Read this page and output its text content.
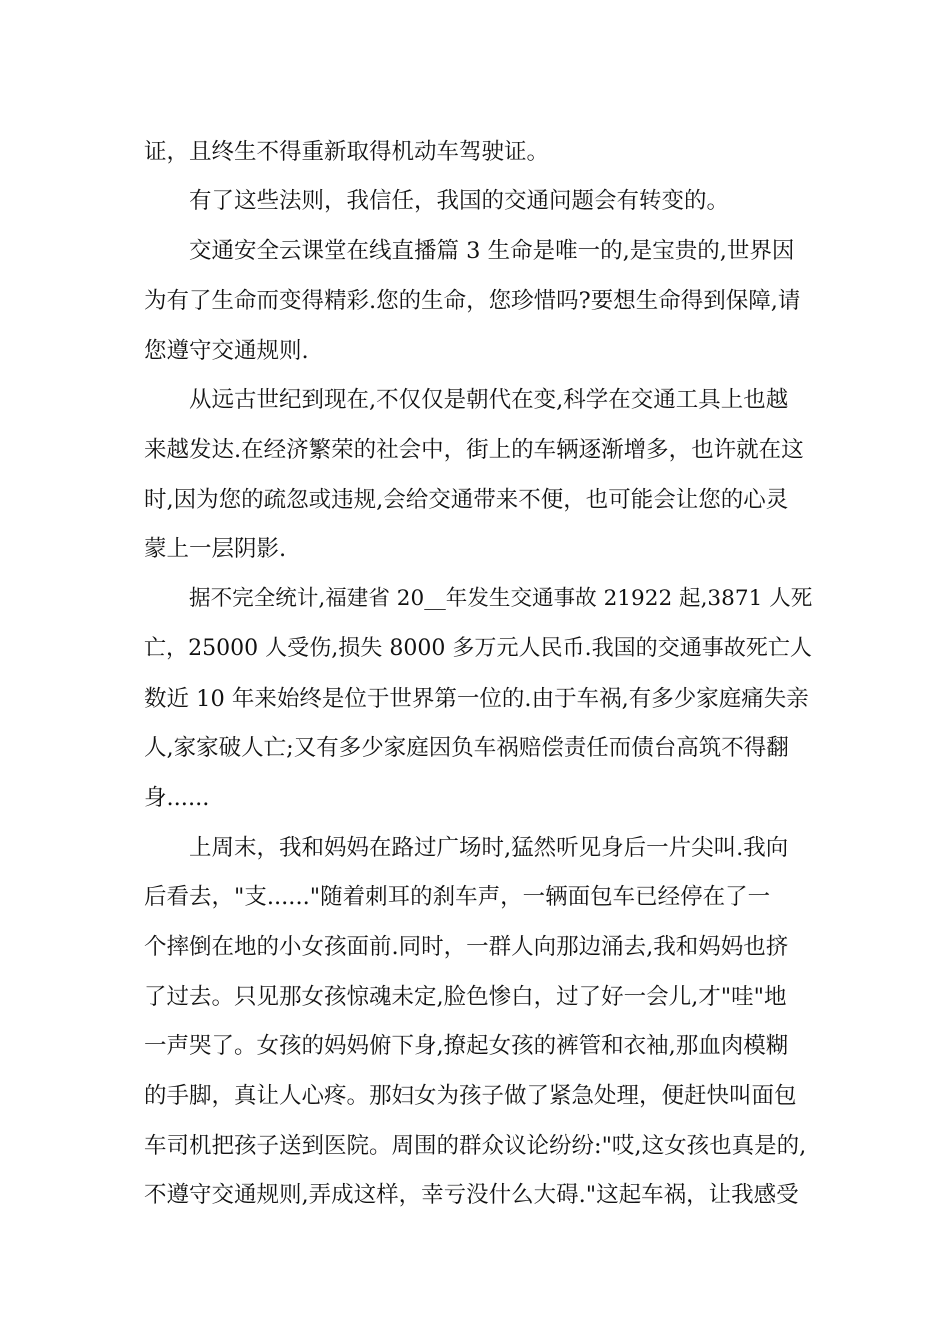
证，且终生不得重新取得机动车驾驶证。
有了这些法则，我信任，我国的交通问题会有转变的。
交通安全云课堂在线直播篇 3 生命是唯一的,是宝贵的,世界因
为有了生命而变得精彩.您的生命，您珍惜吗?要想生命得到保障,请
您遵守交通规则.
从远古世纪到现在,不仅仅是朝代在变,科学在交通工具上也越
来越发达.在经济繁荣的社会中，街上的车辆逐渐增多，也许就在这
时,因为您的疏忽或违规,会给交通带来不便，也可能会让您的心灵
蒙上一层阴影.
据不完全统计,福建省 20__年发生交通事故 21922 起,3871 人死
亡，25000 人受伤,损失 8000 多万元人民币.我国的交通事故死亡人
数近 10 年来始终是位于世界第一位的.由于车祸,有多少家庭痛失亲
人,家家破人亡;又有多少家庭因负车祸赔偿责任而债台高筑不得翻
身......
上周末，我和妈妈在路过广场时,猛然听见身后一片尖叫.我向
后看去，"支......"随着刺耳的刹车声，一辆面包车已经停在了一
个摔倒在地的小女孩面前.同时，一群人向那边涌去,我和妈妈也挤
了过去。只见那女孩惊魂未定,脸色惨白，过了好一会儿,才"哇"地
一声哭了。女孩的妈妈俯下身,撩起女孩的裤管和衣袖,那血肉模糊
的手脚，真让人心疼。那妇女为孩子做了紧急处理，便赶快叫面包
车司机把孩子送到医院。周围的群众议论纷纷:"哎,这女孩也真是的,
不遵守交通规则,弄成这样，幸亏没什么大碍."这起车祸，让我感受
